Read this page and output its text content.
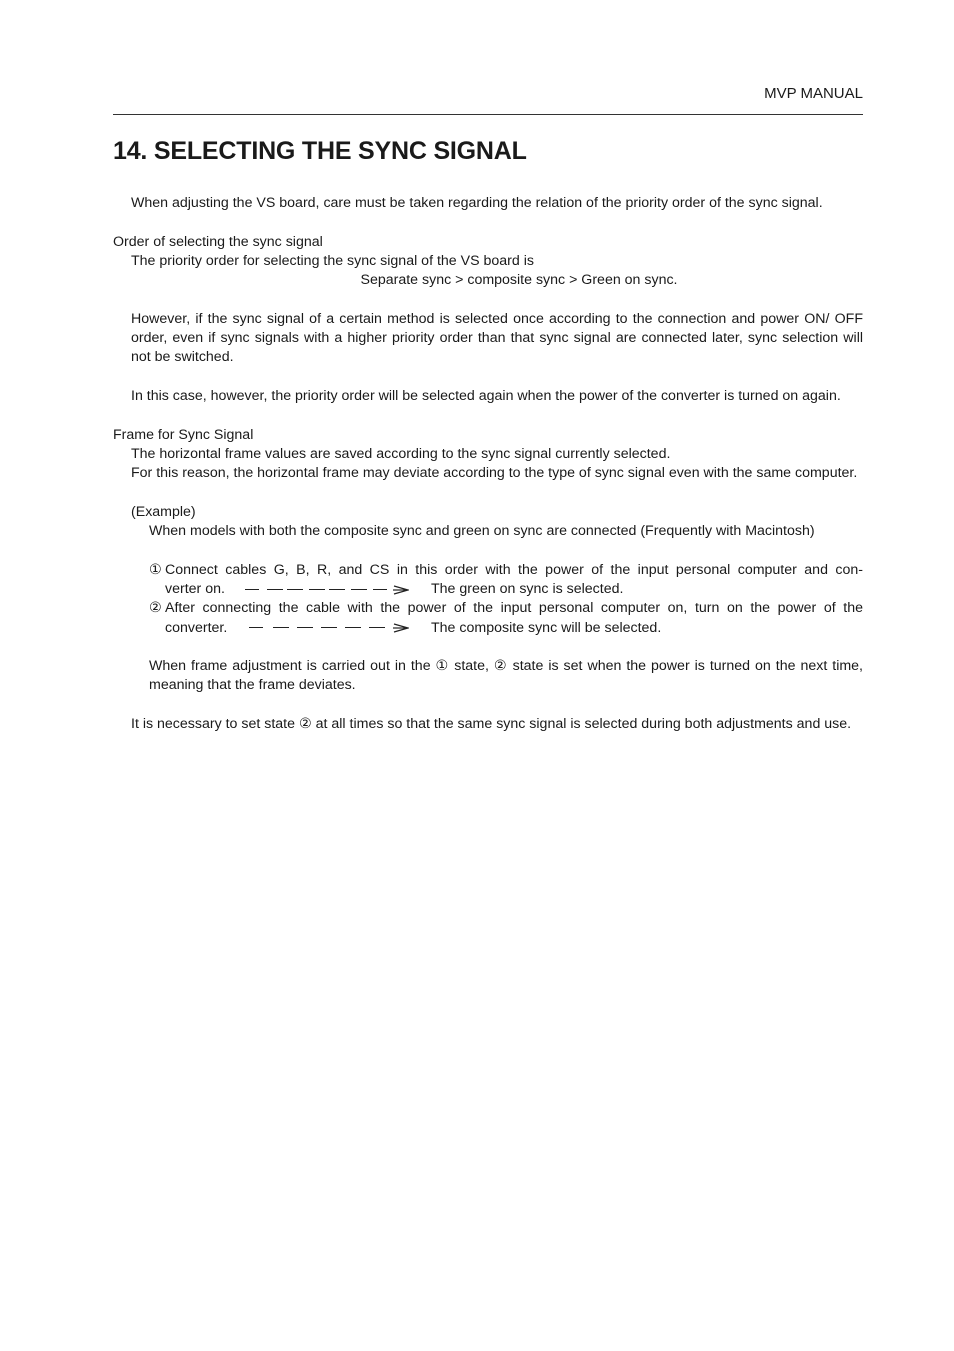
MVP MANUAL
14. SELECTING THE SYNC SIGNAL

When adjusting the VS board, care must be taken regarding the relation of the priority order of the sync signal.

Order of selecting the sync signal

The priority order for selecting the sync signal of the VS board is

Separate sync > composite sync > Green on sync.

However, if the sync signal of a certain method is selected once according to the connection and power ON/ OFF order, even if sync signals with a higher priority order than that sync signal are connected later, sync selection will not be switched.

In this case, however, the priority order will be selected again when the power of the converter is turned on again.

Frame for Sync Signal

The horizontal frame values are saved according to the sync signal currently selected.

For this reason, the horizontal frame may deviate according to the type of sync signal even with the same computer.

(Example)

When models with both the composite sync and green on sync are connected (Frequently with Macintosh)

① Connect cables G, B, R, and CS in this order with the power of the input personal computer and con-
verter on.	The green on sync is selected.
② After connecting the cable with the power of the input personal computer on, turn on the power of the
converter.	The composite sync will be selected.

When frame adjustment is carried out in the ① state, ② state is set when the power is turned on the next time, meaning that the frame deviates.

It is necessary to set state ② at all times so that the same sync signal is selected during both adjustments and use.
